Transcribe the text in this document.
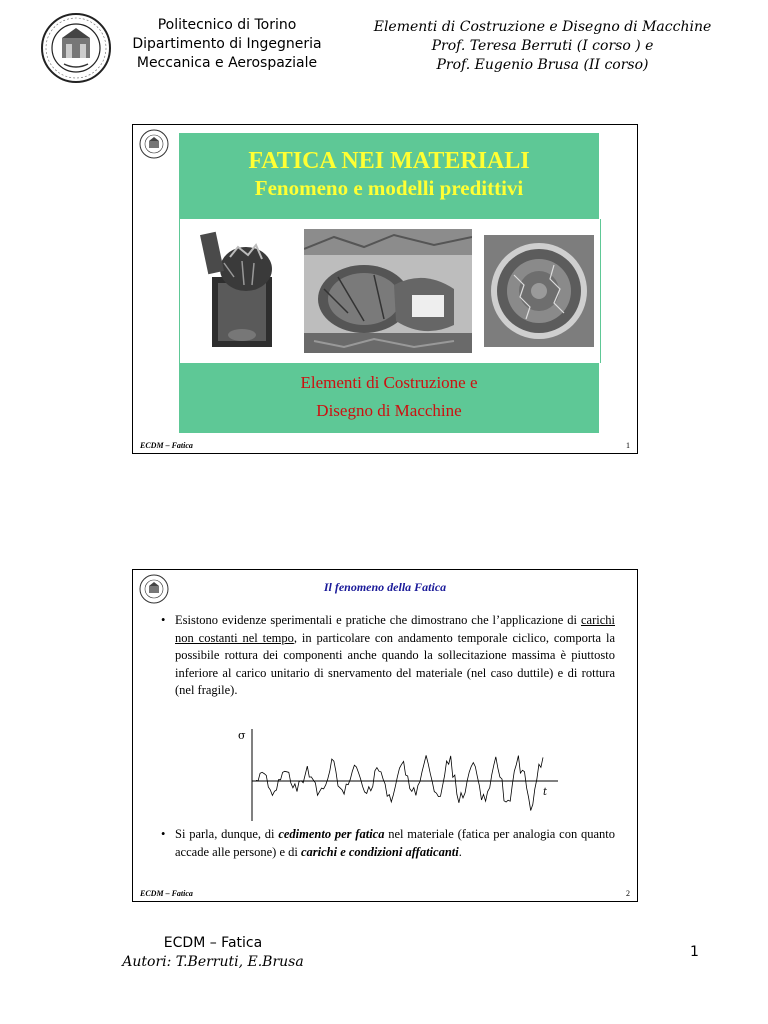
Politecnico di Torino
Dipartimento di Ingegneria
Meccanica e Aerospaziale
Elementi di Costruzione e Disegno di Macchine
Prof. Teresa Berruti (I corso ) e
Prof. Eugenio Brusa (II corso)
FATICA NEI MATERIALI
Fenomeno e modelli predittivi
Elementi di Costruzione e
Disegno di Macchine
ECDM – Fatica	1
Il fenomeno della Fatica

• Esistono evidenze sperimentali e pratiche che dimostrano che l’applicazione di carichi non costanti nel tempo, in particolare con andamento temporale ciclico, comporta la possibile rottura dei componenti anche quando la sollecitazione massima è piuttosto inferiore al carico unitario di snervamento del materiale (nel caso duttile) e di rottura (nel fragile).

σ
t

• Si parla, dunque, di cedimento per fatica nel materiale (fatica per analogia con quanto accade alle persone) e di carichi e condizioni affaticanti.

ECDM – Fatica	2
ECDM – Fatica
Autori: T.Berruti, E.Brusa
1
